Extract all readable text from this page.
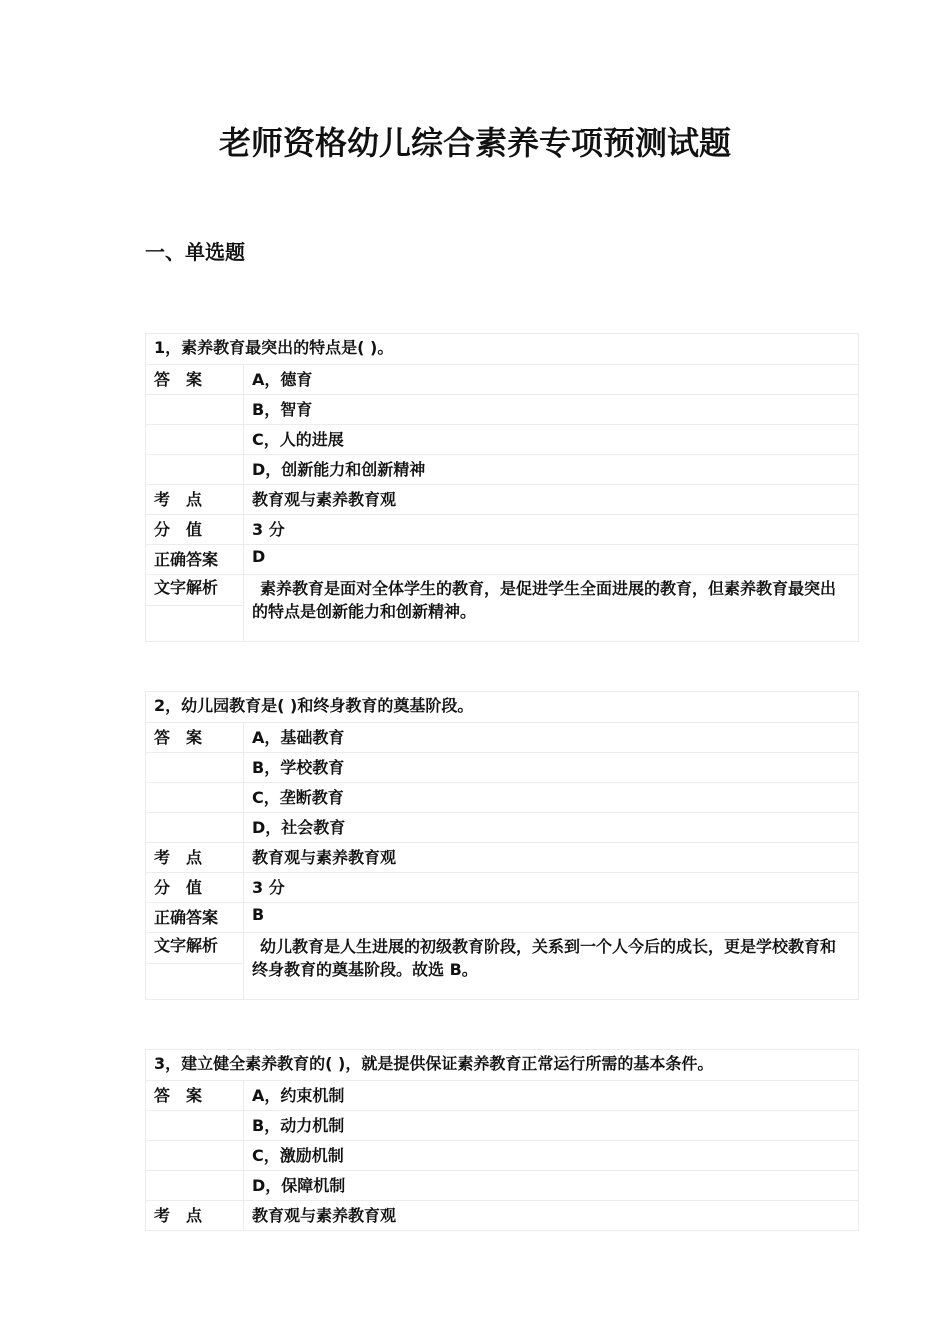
老师资格幼儿综合素养专项预测试题
一、单选题
1，素养教育最突出的特点是( )。
答 案	A，德育
B，智育
C，人的进展
D，创新能力和创新精神
考 点	教育观与素养教育观
分 值	3 分
正确答案	D
文字解析	素养教育是面对全体学生的教育，是促进学生全面进展的教育，但素养教育最突出的特点是创新能力和创新精神。
2，幼儿园教育是( )和终身教育的奠基阶段。
答 案	A，基础教育
B，学校教育
C，垄断教育
D，社会教育
考 点	教育观与素养教育观
分 值	3 分
正确答案	B
文字解析	幼儿教育是人生进展的初级教育阶段，关系到一个人今后的成长，更是学校教育和终身教育的奠基阶段。故选 B。
3，建立健全素养教育的( )，就是提供保证素养教育正常运行所需的基本条件。
答 案	A，约束机制
B，动力机制
C，激励机制
D，保障机制
考 点	教育观与素养教育观
